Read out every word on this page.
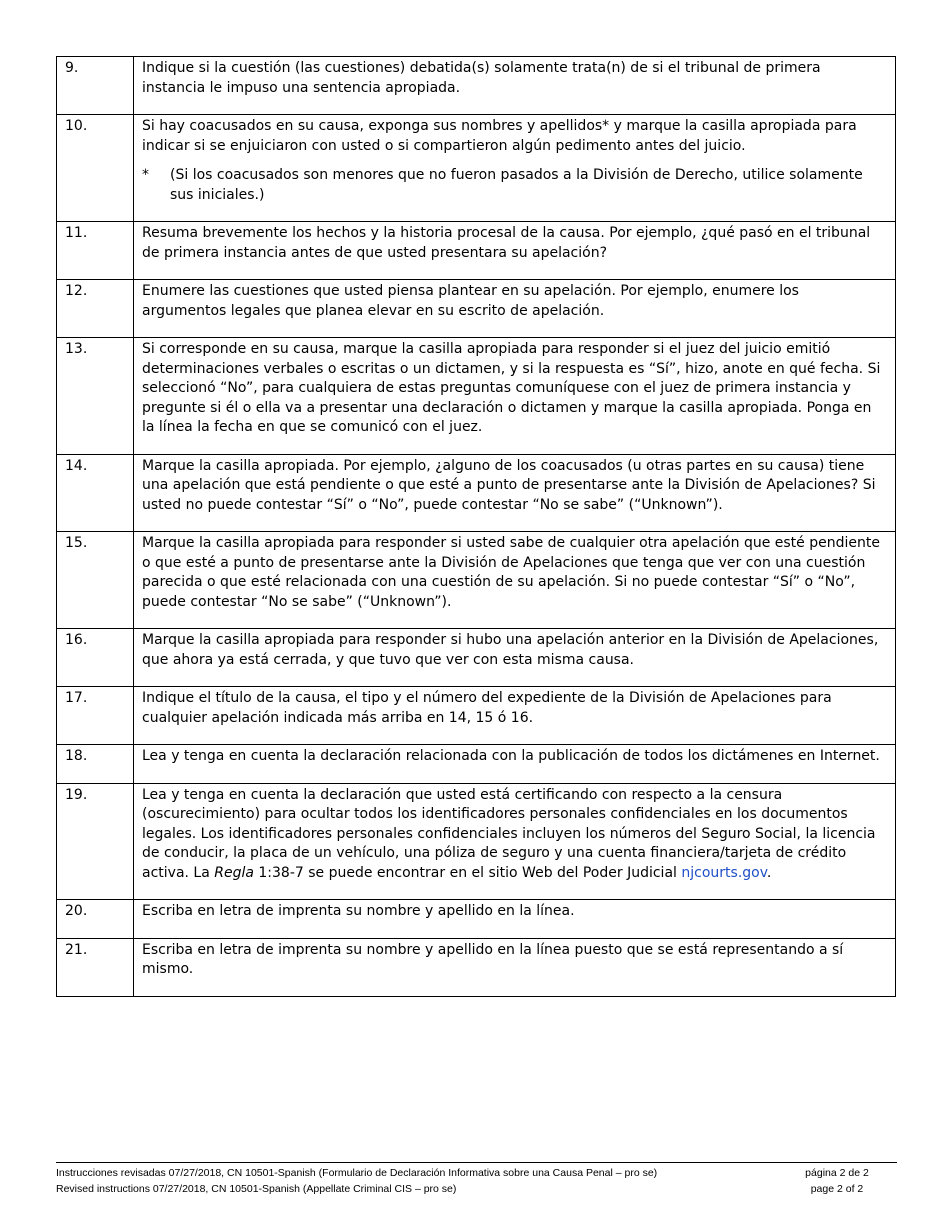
9.	Indique si la cuestión (las cuestiones) debatida(s) solamente trata(n) de si el tribunal de primera instancia le impuso una sentencia apropiada.
10.	Si hay coacusados en su causa, exponga sus nombres y apellidos* y marque la casilla apropiada para indicar si se enjuiciaron con usted o si compartieron algún pedimento antes del juicio.
* (Si los coacusados son menores que no fueron pasados a la División de Derecho, utilice solamente sus iniciales.)

11.	Resuma brevemente los hechos y la historia procesal de la causa. Por ejemplo, ¿qué pasó en el tribunal de primera instancia antes de que usted presentara su apelación?
12.	Enumere las cuestiones que usted piensa plantear en su apelación. Por ejemplo, enumere los argumentos legales que planea elevar en su escrito de apelación.
13.	Si corresponde en su causa, marque la casilla apropiada para responder si el juez del juicio emitió determinaciones verbales o escritas o un dictamen, y si la respuesta es “Sí”, hizo, anote en qué fecha. Si seleccionó “No”, para cualquiera de estas preguntas comuníquese con el juez de primera instancia y pregunte si él o ella va a presentar una declaración o dictamen y marque la casilla apropiada. Ponga en la línea la fecha en que se comunicó con el juez.
14.	Marque la casilla apropiada. Por ejemplo, ¿alguno de los coacusados (u otras partes en su causa) tiene una apelación que está pendiente o que esté a punto de presentarse ante la División de Apelaciones? Si usted no puede contestar “Sí” o “No”, puede contestar “No se sabe” (“Unknown”).
15.	Marque la casilla apropiada para responder si usted sabe de cualquier otra apelación que esté pendiente o que esté a punto de presentarse ante la División de Apelaciones que tenga que ver con una cuestión parecida o que esté relacionada con una cuestión de su apelación. Si no puede contestar “Sí” o “No”, puede contestar “No se sabe” (“Unknown”).
16.	Marque la casilla apropiada para responder si hubo una apelación anterior en la División de Apelaciones, que ahora ya está cerrada, y que tuvo que ver con esta misma causa.
17.	Indique el título de la causa, el tipo y el número del expediente de la División de Apelaciones para cualquier apelación indicada más arriba en 14, 15 ó 16.
18.	Lea y tenga en cuenta la declaración relacionada con la publicación de todos los dictámenes en Internet.
19.	Lea y tenga en cuenta la declaración que usted está certificando con respecto a la censura (oscurecimiento) para ocultar todos los identificadores personales confidenciales en los documentos legales. Los identificadores personales confidenciales incluyen los números del Seguro Social, la licencia de conducir, la placa de un vehículo, una póliza de seguro y una cuenta financiera/tarjeta de crédito activa. La Regla 1:38-7 se puede encontrar en el sitio Web del Poder Judicial njcourts.gov.
20.	Escriba en letra de imprenta su nombre y apellido en la línea.
21.	Escriba en letra de imprenta su nombre y apellido en la línea puesto que se está representando a sí mismo.
Instrucciones revisadas 07/27/2018, CN 10501-Spanish (Formulario de Declaración Informativa sobre una Causa Penal – pro se)	página 2 de 2
Revised instructions 07/27/2018, CN 10501-Spanish (Appellate Criminal CIS – pro se)	page 2 of 2
